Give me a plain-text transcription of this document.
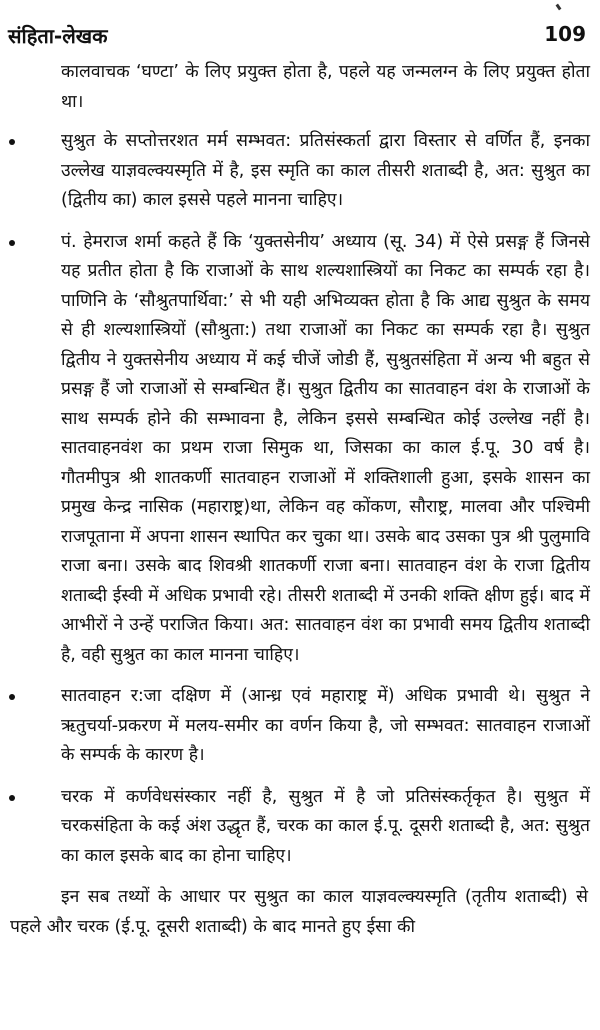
संहिता-लेखक	109

कालवाचक ‘घण्टा’ के लिए प्रयुक्त होता है, पहले यह जन्मलग्न के लिए प्रयुक्त होता था।

सुश्रुत के सप्तोत्तरशत मर्म सम्भवत: प्रतिसंस्कर्ता द्वारा विस्तार से वर्णित हैं, इनका उल्लेख याज्ञवल्क्यस्मृति में है, इस स्मृति का काल तीसरी शताब्दी है, अत: सुश्रुत का (द्वितीय का) काल इससे पहले मानना चाहिए।
पं. हेमराज शर्मा कहते हैं कि ‘युक्तसेनीय’ अध्याय (सू. 34) में ऐसे प्रसङ्ग हैं जिनसे यह प्रतीत होता है कि राजाओं के साथ शल्यशास्त्रियों का निकट का सम्पर्क रहा है। पाणिनि के ‘सौश्रुतपार्थिवा:’ से भी यही अभिव्यक्त होता है कि आद्य सुश्रुत के समय से ही शल्यशास्त्रियों (सौश्रुता:) तथा राजाओं का निकट का सम्पर्क रहा है। सुश्रुत द्वितीय ने युक्तसेनीय अध्याय में कई चीजें जोडी हैं, सुश्रुतसंहिता में अन्य भी बहुत से प्रसङ्ग हैं जो राजाओं से सम्बन्धित हैं। सुश्रुत द्वितीय का सातवाहन वंश के राजाओं के साथ सम्पर्क होने की सम्भावना है, लेकिन इससे सम्बन्धित कोई उल्लेख नहीं है। सातवाहनवंश का प्रथम राजा सिमुक था, जिसका का काल ई.पू. 30 वर्ष है। गौतमीपुत्र श्री शातकर्णी सातवाहन राजाओं में शक्तिशाली हुआ, इसके शासन का प्रमुख केन्द्र नासिक (महाराष्ट्र)था, लेकिन वह कोंकण, सौराष्ट्र, मालवा और पश्चिमी राजपूताना में अपना शासन स्थापित कर चुका था। उसके बाद उसका पुत्र श्री पुलुमावि राजा बना। उसके बाद शिवश्री शातकर्णी राजा बना। सातवाहन वंश के राजा द्वितीय शताब्दी ईस्वी में अधिक प्रभावी रहे। तीसरी शताब्दी में उनकी शक्ति क्षीण हुई। बाद में आभीरों ने उन्हें पराजित किया। अत: सातवाहन वंश का प्रभावी समय द्वितीय शताब्दी है, वही सुश्रुत का काल मानना चाहिए।
सातवाहन र:जा दक्षिण में (आन्ध्र एवं महाराष्ट्र में) अधिक प्रभावी थे। सुश्रुत ने ऋतुचर्या-प्रकरण में मलय-समीर का वर्णन किया है, जो सम्भवत: सातवाहन राजाओं के सम्पर्क के कारण है।
चरक में कर्णवेधसंस्कार नहीं है, सुश्रुत में है जो प्रतिसंस्कर्तृकृत है। सुश्रुत में चरकसंहिता के कई अंश उद्धृत हैं, चरक का काल ई.पू. दूसरी शताब्दी है, अत: सुश्रुत का काल इसके बाद का होना चाहिए।

इन सब तथ्यों के आधार पर सुश्रुत का काल याज्ञवल्क्यस्मृति (तृतीय शताब्दी) से पहले और चरक (ई.पू. दूसरी शताब्दी) के बाद मानते हुए ईसा की
